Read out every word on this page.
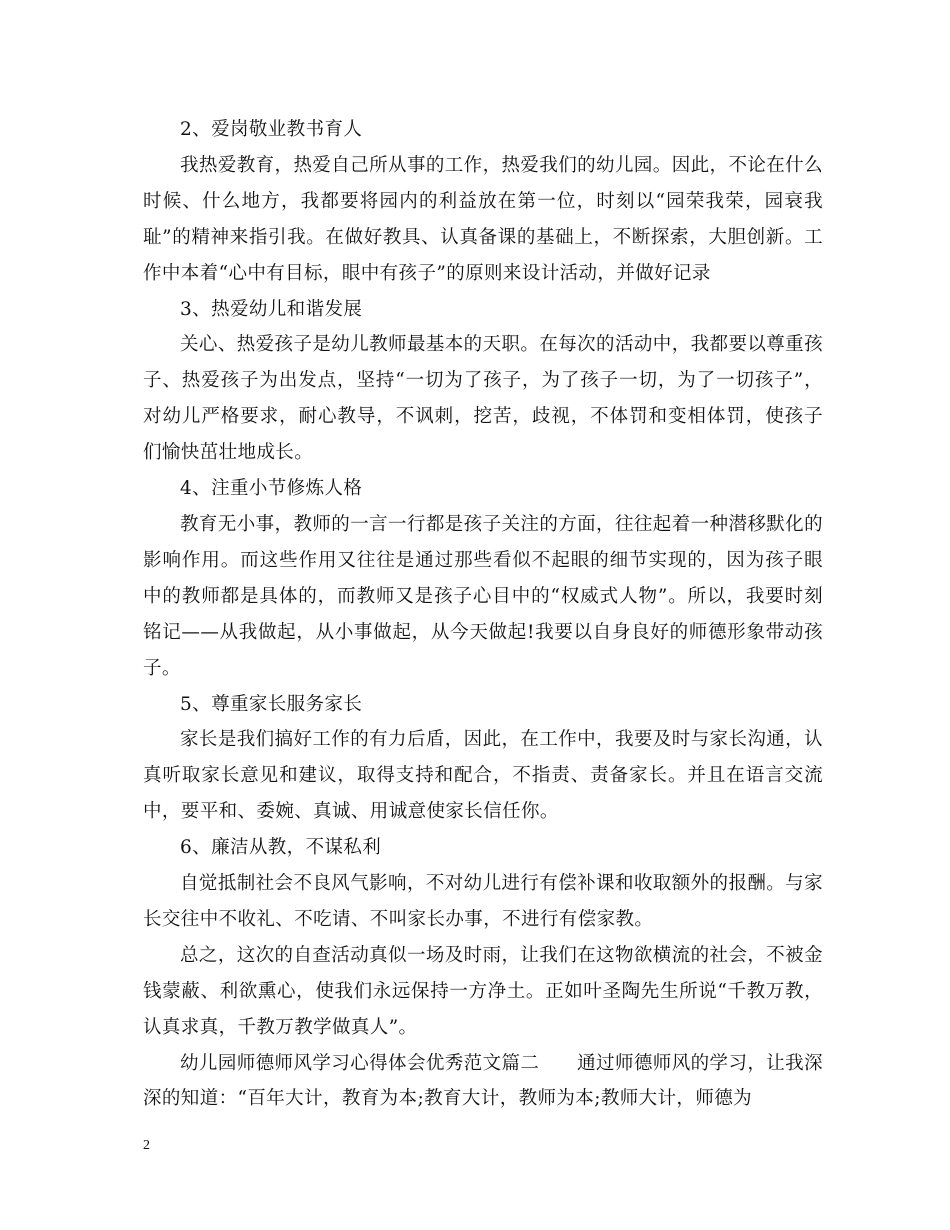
2、爱岗敬业教书育人

我热爱教育，热爱自己所从事的工作，热爱我们的幼儿园。因此，不论在什么时候、什么地方，我都要将园内的利益放在第一位，时刻以“园荣我荣，园衰我耻”的精神来指引我。在做好教具、认真备课的基础上，不断探索，大胆创新。工作中本着“心中有目标，眼中有孩子”的原则来设计活动，并做好记录

3、热爱幼儿和谐发展

关心、热爱孩子是幼儿教师最基本的天职。在每次的活动中，我都要以尊重孩子、热爱孩子为出发点，坚持“一切为了孩子，为了孩子一切，为了一切孩子”，对幼儿严格要求，耐心教导，不讽刺，挖苦，歧视，不体罚和变相体罚，使孩子们愉快茁壮地成长。

4、注重小节修炼人格

教育无小事，教师的一言一行都是孩子关注的方面，往往起着一种潜移默化的影响作用。而这些作用又往往是通过那些看似不起眼的细节实现的，因为孩子眼中的教师都是具体的，而教师又是孩子心目中的“权威式人物”。所以，我要时刻铭记——从我做起，从小事做起，从今天做起!我要以自身良好的师德形象带动孩子。

5、尊重家长服务家长

家长是我们搞好工作的有力后盾，因此，在工作中，我要及时与家长沟通，认真听取家长意见和建议，取得支持和配合，不指责、责备家长。并且在语言交流中，要平和、委婉、真诚、用诚意使家长信任你。

6、廉洁从教，不谋私利

自觉抵制社会不良风气影响，不对幼儿进行有偿补课和收取额外的报酬。与家长交往中不收礼、不吃请、不叫家长办事，不进行有偿家教。

总之，这次的自查活动真似一场及时雨，让我们在这物欲横流的社会，不被金钱蒙蔽、利欲熏心，使我们永远保持一方净土。正如叶圣陶先生所说“千教万教，认真求真，千教万教学做真人”。

幼儿园师德师风学习心得体会优秀范文篇二　　通过师德师风的学习，让我深深的知道：“百年大计，教育为本;教育大计，教师为本;教师大计，师德为

2
